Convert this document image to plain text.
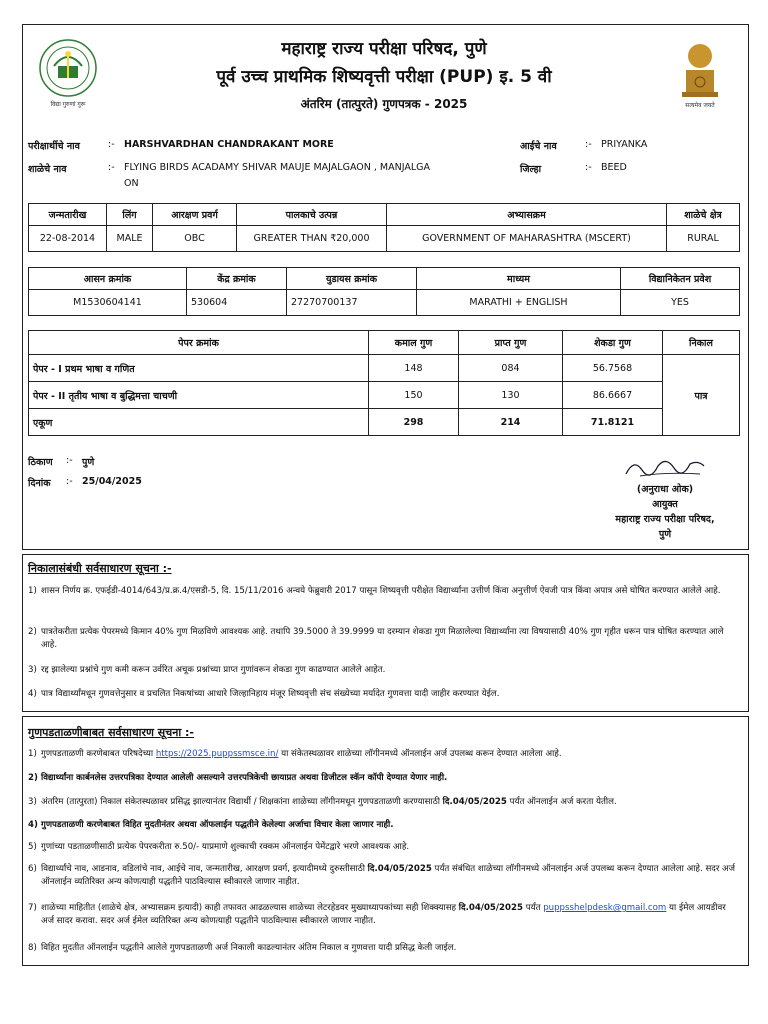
विद्या गुरुणां गुरू	सत्यमेव जयते
महाराष्ट्र राज्य परीक्षा परिषद, पुणे
पूर्व उच्च प्राथमिक शिष्यवृत्ती परीक्षा (PUP) इ. 5 वी
अंतरिम (तात्पुरते) गुणपत्रक - 2025
परीक्षार्थीचे नाव	:- HARSHVARDHAN CHANDRAKANT MORE	आईचे नाव	:- PRIYANKA
शाळेचे नाव	:- FLYING BIRDS ACADAMY SHIVAR MAUJE MAJALGAON , MANJALGA
ON
जिल्हा	:- BEED
जन्मतारीख	लिंग	आरक्षण प्रवर्ग	पालकाचे उत्पन्न	अभ्यासक्रम	शाळेचे क्षेत्र
22-08-2014	MALE	OBC	GREATER THAN ₹20,000	GOVERNMENT OF MAHARASHTRA (MSCERT)	RURAL
आसन क्रमांक	केंद्र क्रमांक	युडायस क्रमांक	माध्यम	विद्यानिकेतन प्रवेश
M1530604141	530604	27270700137	MARATHI + ENGLISH	YES
पेपर क्रमांक	कमाल गुण	प्राप्त गुण	शेकडा गुण	निकाल
पेपर - I प्रथम भाषा व गणित	148	084	56.7568	पात्र
पेपर - II तृतीय भाषा व बुद्धिमत्ता चाचणी	150	130	86.6667	
एकूण	298	214	71.8121	
ठिकाण :- पुणे
दिनांक :- 25/04/2025
(अनुराधा ओक)
आयुक्त
महाराष्ट्र राज्य परीक्षा परिषद,
पुणे
निकालासंबंधी सर्वसाधारण सूचना :-
1) शासन निर्णय क्र. एफईडी-4014/643/प्र.क्र.4/एसडी-5, दि. 15/11/2016 अन्वये फेब्रुवारी 2017 पासून शिष्यवृत्ती परीक्षेत विद्यार्थ्यांना उत्तीर्ण किंवा अनुत्तीर्ण ऐवजी पात्र किंवा अपात्र असे घोषित करण्यात आलेले आहे.
2) पात्रतेकरीता प्रत्येक पेपरमध्ये किमान 40% गुण मिळविणे आवश्यक आहे. तथापि 39.5000 ते 39.9999 या दरम्यान शेकडा गुण मिळालेल्या विद्यार्थ्यांना त्या विषयासाठी 40% गुण गृहीत धरून पात्र घोषित करण्यात आले आहे.
3) रद्द झालेल्या प्रश्नांचे गुण कमी करून उर्वरित अचूक प्रश्नांच्या प्राप्त गुणांवरून शेकडा गुण काढण्यात आलेले आहेत.
4) पात्र विद्यार्थ्यांमधून गुणवत्तेनुसार व प्रचलित निकषांच्या आधारे जिल्हानिहाय मंजूर शिष्यवृत्ती संच संख्येच्या मर्यादेत गुणवत्ता यादी जाहीर करण्यात येईल.
गुणपडताळणीबाबत सर्वसाधारण सूचना :-
1) गुणपडताळणी करणेबाबत परिषदेच्या https://2025.puppssmsce.in/ या संकेतस्थळावर शाळेच्या लॉगीनमध्ये ऑनलाईन अर्ज उपलब्ध करून देण्यात आलेला आहे.
2) विद्यार्थ्यांना कार्बनलेस उत्तरपत्रिका देण्यात आलेली असल्याने उत्तरपत्रिकेची छायाप्रत अथवा डिजीटल स्कॅन कॉपी देण्यात येणार नाही.
3) अंतरिम (तात्पुरता) निकाल संकेतस्थळावर प्रसिद्ध झाल्यानंतर विद्यार्थी / शिक्षकांना शाळेच्या लॉगीनमधून गुणपडताळणी करण्यासाठी दि.04/05/2025 पर्यंत ऑनलाईन अर्ज करता येतील.
4) गुणपडताळणी करणेबाबत विहित मुदतीनंतर अथवा ऑफलाईन पद्धतीने केलेल्या अर्जाचा विचार केला जाणार नाही.
5) गुणांच्या पडताळणीसाठी प्रत्येक पेपरकरीता रु.50/- याप्रमाणे शुल्काची रक्कम ऑनलाईन पेमेंटद्वारे भरणे आवश्यक आहे.
6) विद्यार्थ्यांचे नाव, आडनाव, वडिलांचे नाव, आईचे नाव, जन्मतारीख, आरक्षण प्रवर्ग, इत्यादीमध्ये दुरुस्तीसाठी दि.04/05/2025 पर्यंत संबंधित शाळेच्या लॉगीनमध्ये ऑनलाईन अर्ज उपलब्ध करून देण्यात आलेला आहे. सदर अर्ज ऑनलाईन व्यतिरिक्त अन्य कोणत्याही पद्धतीने पाठविल्यास स्वीकारले जाणार नाहीत.
7) शाळेच्या माहितीत (शाळेचे क्षेत्र, अभ्यासक्रम इत्यादी) काही तफावत आढळल्यास शाळेच्या लेटरहेडवर मुख्याध्यापकांच्या सही शिक्क्यासह दि.04/05/2025 पर्यंत puppsshelpdesk@gmail.com या ईमेल आयडीवर अर्ज सादर करावा. सदर अर्ज ईमेल व्यतिरिक्त अन्य कोणत्याही पद्धतीने पाठविल्यास स्वीकारले जाणार नाहीत.
8) विहित मुदतीत ऑनलाईन पद्धतीने आलेले गुणपडताळणी अर्ज निकाली काढल्यानंतर अंतिम निकाल व गुणवत्ता यादी प्रसिद्ध केली जाईल.
